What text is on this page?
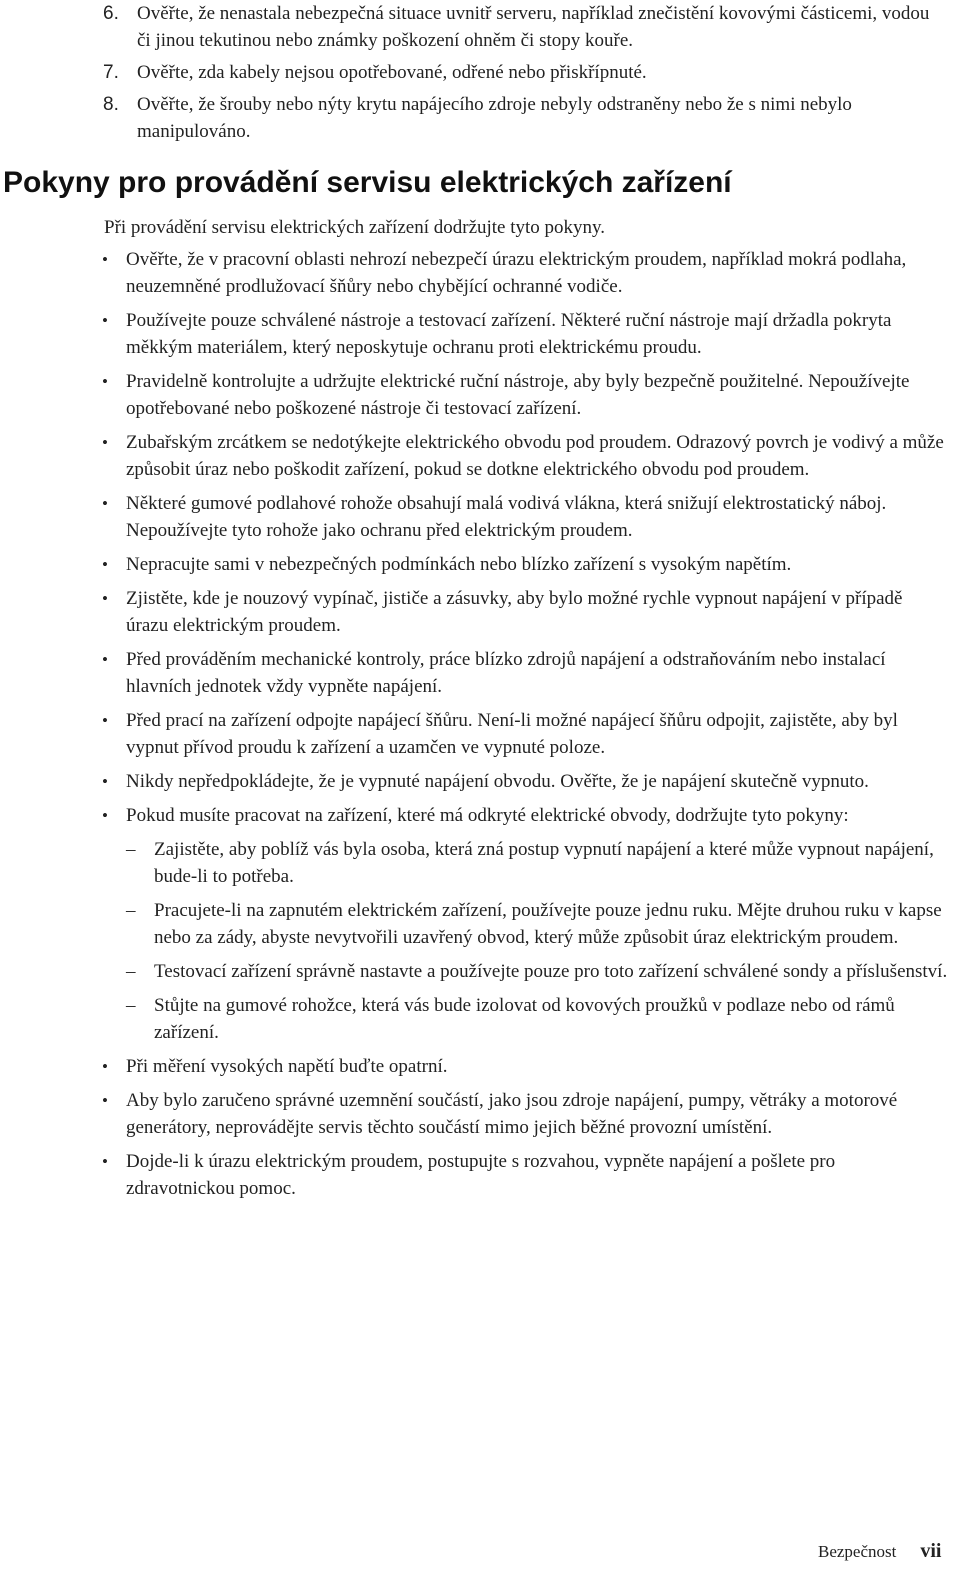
6. Ověřte, že nenastala nebezpečná situace uvnitř serveru, například znečistění kovovými částicemi, vodou či jinou tekutinou nebo známky poškození ohněm či stopy kouře.
7. Ověřte, zda kabely nejsou opotřebované, odřené nebo přiskřípnuté.
8. Ověřte, že šrouby nebo nýty krytu napájecího zdroje nebyly odstraněny nebo že s nimi nebylo manipulováno.
Pokyny pro provádění servisu elektrických zařízení
Při provádění servisu elektrických zařízení dodržujte tyto pokyny.
• Ověřte, že v pracovní oblasti nehrozí nebezpečí úrazu elektrickým proudem, například mokrá podlaha, neuzemněné prodlužovací šňůry nebo chybějící ochranné vodiče.
• Používejte pouze schválené nástroje a testovací zařízení. Některé ruční nástroje mají držadla pokryta měkkým materiálem, který neposkytuje ochranu proti elektrickému proudu.
• Pravidelně kontrolujte a udržujte elektrické ruční nástroje, aby byly bezpečně použitelné. Nepoužívejte opotřebované nebo poškozené nástroje či testovací zařízení.
• Zubařským zrcátkem se nedotýkejte elektrického obvodu pod proudem. Odrazový povrch je vodivý a může způsobit úraz nebo poškodit zařízení, pokud se dotkne elektrického obvodu pod proudem.
• Některé gumové podlahové rohože obsahují malá vodivá vlákna, která snižují elektrostatický náboj. Nepoužívejte tyto rohože jako ochranu před elektrickým proudem.
• Nepracujte sami v nebezpečných podmínkách nebo blízko zařízení s vysokým napětím.
• Zjistěte, kde je nouzový vypínač, jističe a zásuvky, aby bylo možné rychle vypnout napájení v případě úrazu elektrickým proudem.
• Před prováděním mechanické kontroly, práce blízko zdrojů napájení a odstraňováním nebo instalací hlavních jednotek vždy vypněte napájení.
• Před prací na zařízení odpojte napájecí šňůru. Není-li možné napájecí šňůru odpojit, zajistěte, aby byl vypnut přívod proudu k zařízení a uzamčen ve vypnuté poloze.
• Nikdy nepředpokládejte, že je vypnuté napájení obvodu. Ověřte, že je napájení skutečně vypnuto.
• Pokud musíte pracovat na zařízení, které má odkryté elektrické obvody, dodržujte tyto pokyny:
– Zajistěte, aby poblíž vás byla osoba, která zná postup vypnutí napájení a které může vypnout napájení, bude-li to potřeba.
– Pracujete-li na zapnutém elektrickém zařízení, používejte pouze jednu ruku. Mějte druhou ruku v kapse nebo za zády, abyste nevytvořili uzavřený obvod, který může způsobit úraz elektrickým proudem.
– Testovací zařízení správně nastavte a používejte pouze pro toto zařízení schválené sondy a příslušenství.
– Stůjte na gumové rohožce, která vás bude izolovat od kovových proužků v podlaze nebo od rámů zařízení.
• Při měření vysokých napětí buďte opatrní.
• Aby bylo zaručeno správné uzemnění součástí, jako jsou zdroje napájení, pumpy, větráky a motorové generátory, neprovádějte servis těchto součástí mimo jejich běžné provozní umístění.
• Dojde-li k úrazu elektrickým proudem, postupujte s rozvahou, vypněte napájení a pošlete pro zdravotnickou pomoc.
Bezpečnost vii
